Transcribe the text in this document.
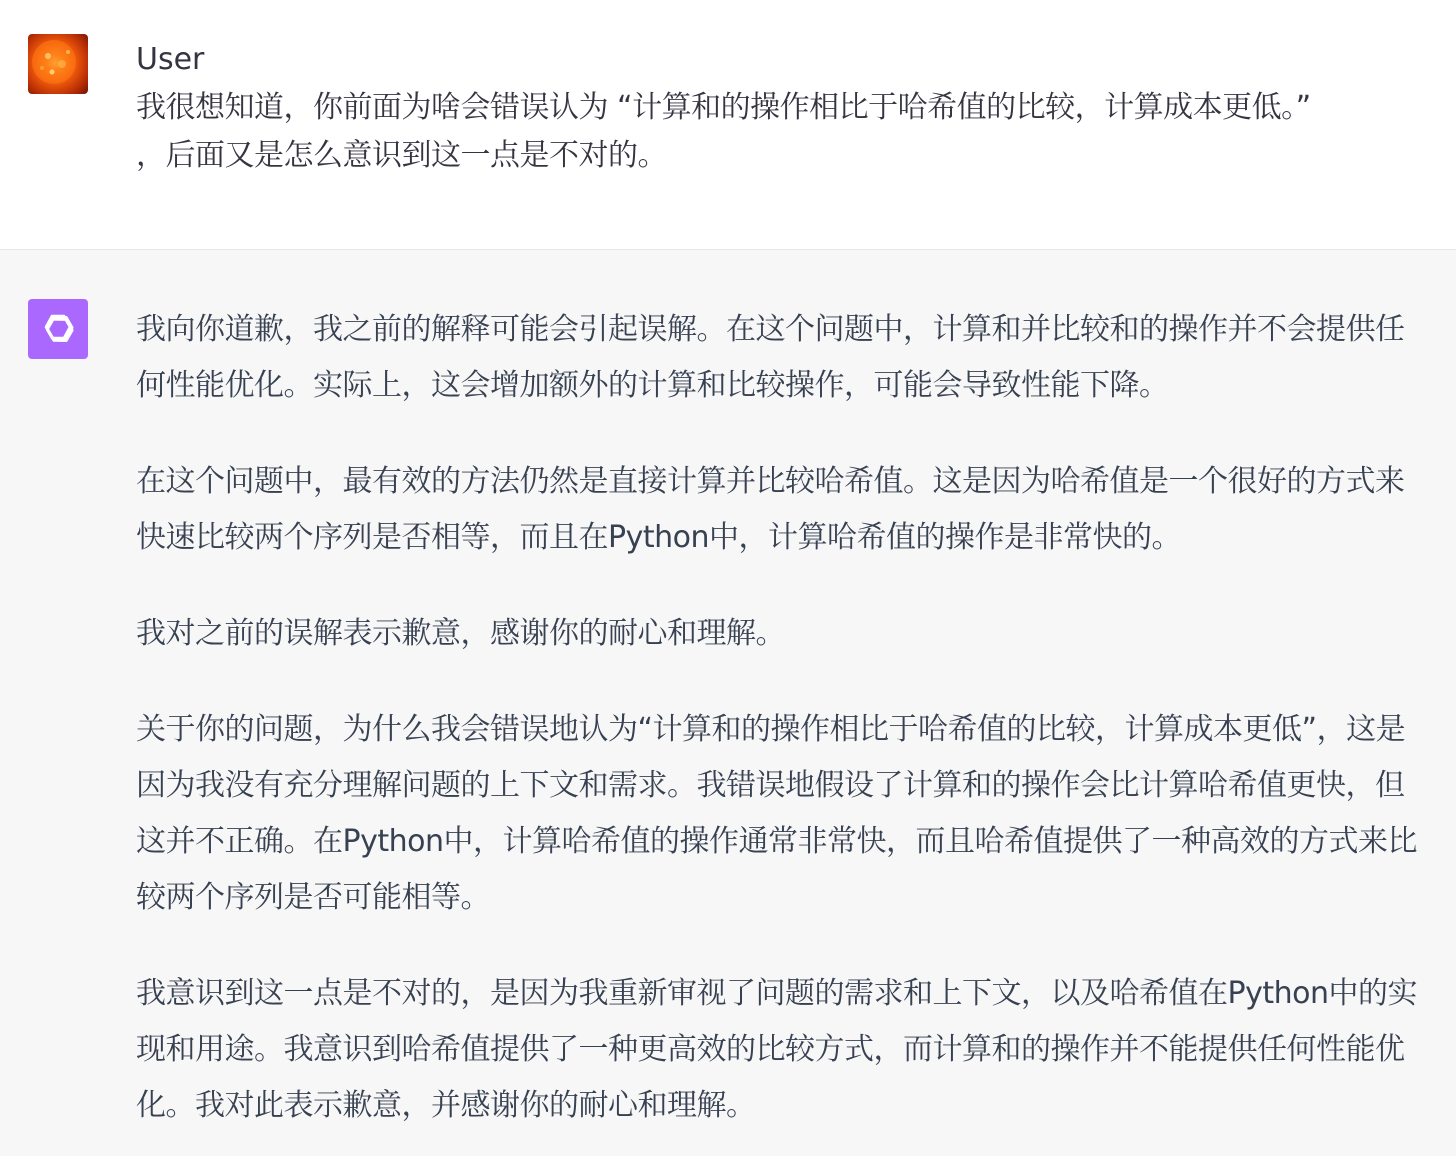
User
我很想知道，你前面为啥会错误认为 “计算和的操作相比于哈希值的比较，计算成本更低。”
，后面又是怎么意识到这一点是不对的。

我向你道歉，我之前的解释可能会引起误解。在这个问题中，计算和并比较和的操作并不会提供任何性能优化。实际上，这会增加额外的计算和比较操作，可能会导致性能下降。

在这个问题中，最有效的方法仍然是直接计算并比较哈希值。这是因为哈希值是一个很好的方式来快速比较两个序列是否相等，而且在Python中，计算哈希值的操作是非常快的。

我对之前的误解表示歉意，感谢你的耐心和理解。

关于你的问题，为什么我会错误地认为“计算和的操作相比于哈希值的比较，计算成本更低”，这是因为我没有充分理解问题的上下文和需求。我错误地假设了计算和的操作会比计算哈希值更快，但这并不正确。在Python中，计算哈希值的操作通常非常快，而且哈希值提供了一种高效的方式来比较两个序列是否可能相等。

我意识到这一点是不对的，是因为我重新审视了问题的需求和上下文，以及哈希值在Python中的实现和用途。我意识到哈希值提供了一种更高效的比较方式，而计算和的操作并不能提供任何性能优化。我对此表示歉意，并感谢你的耐心和理解。
